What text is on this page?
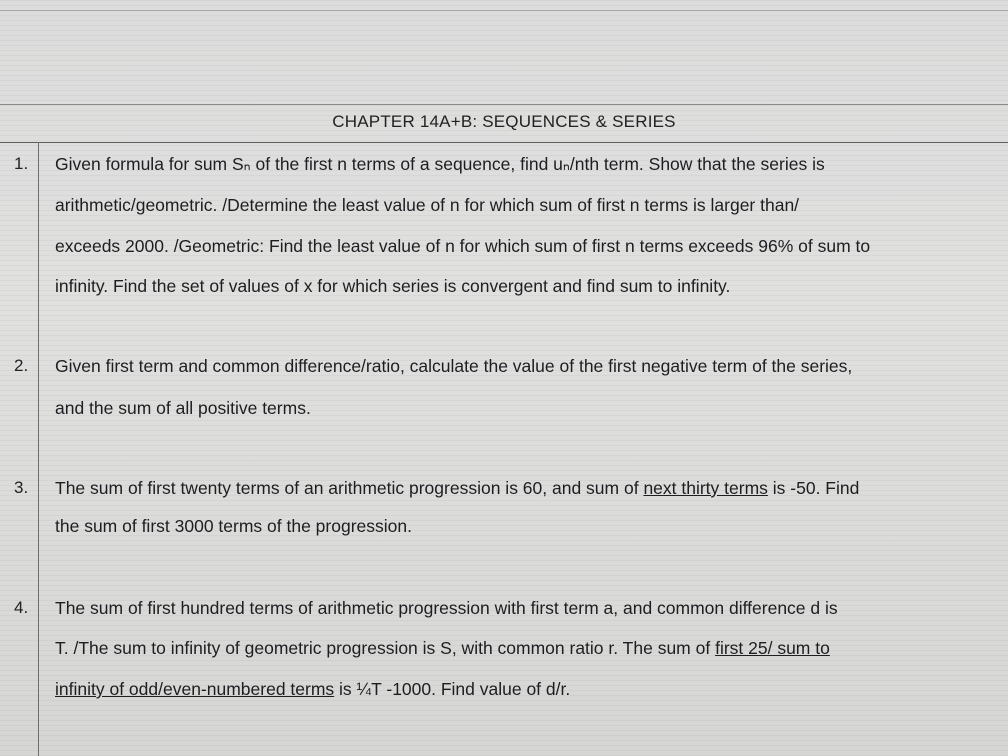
CHAPTER 14A+B: SEQUENCES & SERIES
1. Given formula for sum Sₙ of the first n terms of a sequence, find uₙ/nth term. Show that the series is
arithmetic/geometric. /Determine the least value of n for which sum of first n terms is larger than/
exceeds 2000. /Geometric: Find the least value of n for which sum of first n terms exceeds 96% of sum to
infinity. Find the set of values of x for which series is convergent and find sum to infinity.
2. Given first term and common difference/ratio, calculate the value of the first negative term of the series,
and the sum of all positive terms.
3. The sum of first twenty terms of an arithmetic progression is 60, and sum of next thirty terms is -50. Find
the sum of first 3000 terms of the progression.
4. The sum of first hundred terms of arithmetic progression with first term a, and common difference d is
T. /The sum to infinity of geometric progression is S, with common ratio r. The sum of first 25/ sum to
infinity of odd/even-numbered terms is ¼T -1000. Find value of d/r.
